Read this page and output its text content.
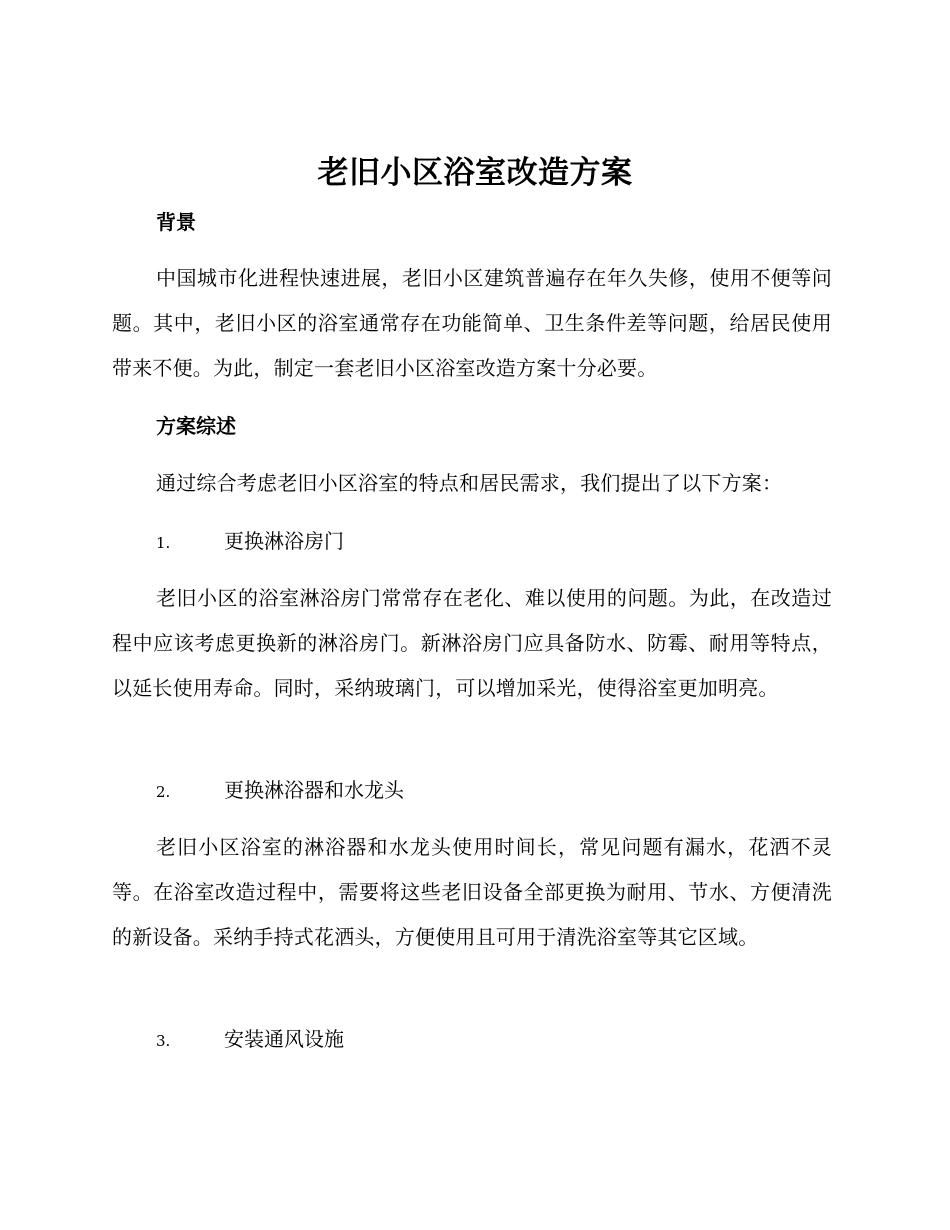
老旧小区浴室改造方案
背景

中国城市化进程快速进展，老旧小区建筑普遍存在年久失修，使用不便等问题。其中，老旧小区的浴室通常存在功能简单、卫生条件差等问题，给居民使用带来不便。为此，制定一套老旧小区浴室改造方案十分必要。

方案综述

通过综合考虑老旧小区浴室的特点和居民需求，我们提出了以下方案：

1.	更换淋浴房门

老旧小区的浴室淋浴房门常常存在老化、难以使用的问题。为此，在改造过程中应该考虑更换新的淋浴房门。新淋浴房门应具备防水、防霉、耐用等特点，以延长使用寿命。同时，采纳玻璃门，可以增加采光，使得浴室更加明亮。

2.	更换淋浴器和水龙头

老旧小区浴室的淋浴器和水龙头使用时间长，常见问题有漏水，花洒不灵等。在浴室改造过程中，需要将这些老旧设备全部更换为耐用、节水、方便清洗的新设备。采纳手持式花洒头，方便使用且可用于清洗浴室等其它区域。

3.	安装通风设施
